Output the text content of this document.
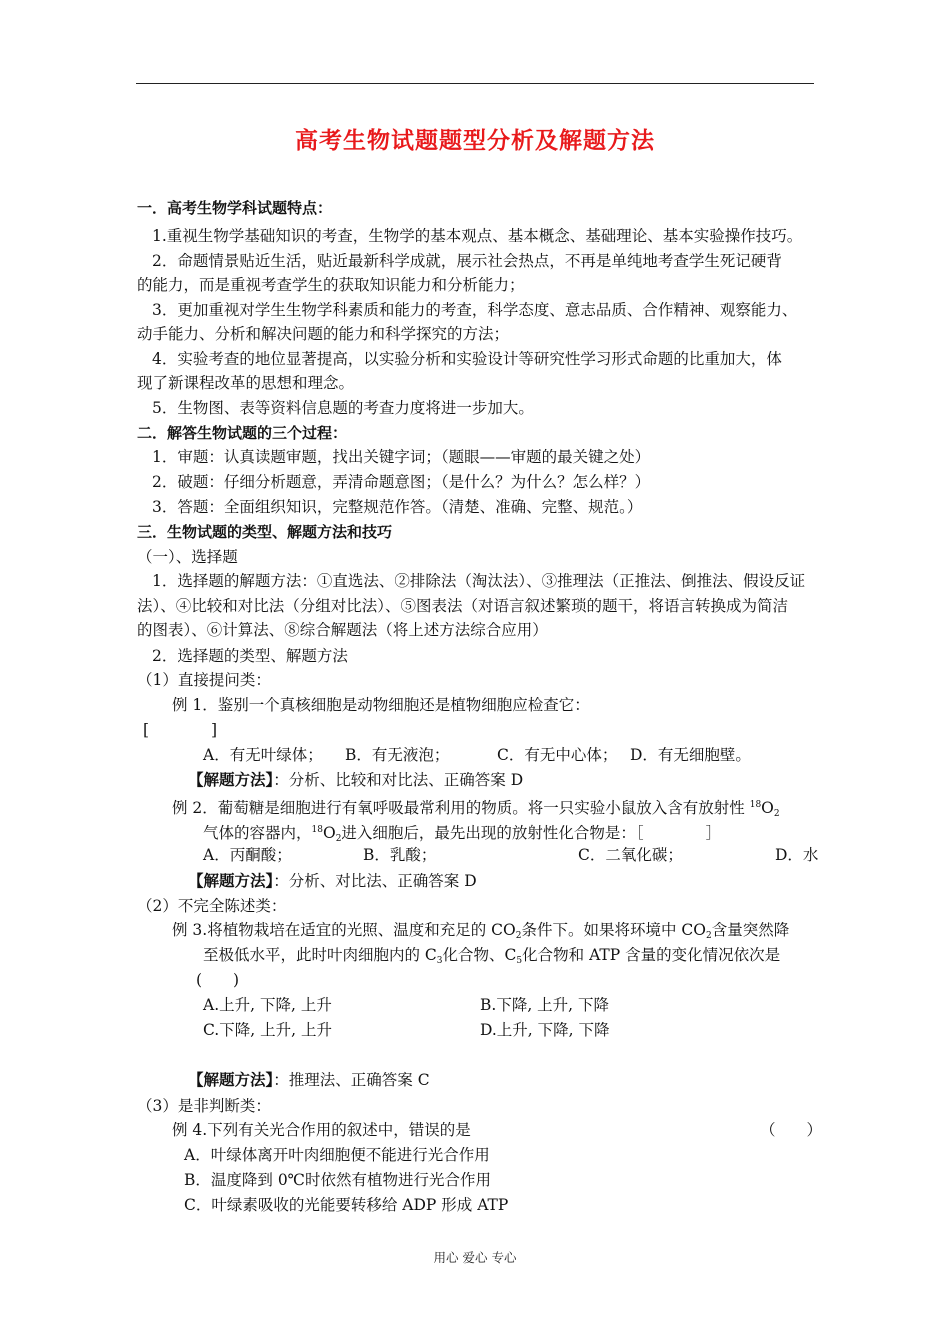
高考生物试题题型分析及解题方法
一．高考生物学科试题特点：
1.重视生物学基础知识的考查，生物学的基本观点、基本概念、基础理论、基本实验操作技巧。
2．命题情景贴近生活，贴近最新科学成就，展示社会热点，不再是单纯地考查学生死记硬背
的能力，而是重视考查学生的获取知识能力和分析能力；
3．更加重视对学生生物学科素质和能力的考查，科学态度、意志品质、合作精神、观察能力、
动手能力、分析和解决问题的能力和科学探究的方法；
4．实验考查的地位显著提高，以实验分析和实验设计等研究性学习形式命题的比重加大，体
现了新课程改革的思想和理念。
5．生物图、表等资料信息题的考查力度将进一步加大。
二．解答生物试题的三个过程：
1．审题：认真读题审题，找出关键字词；（题眼——审题的最关键之处）
2．破题：仔细分析题意，弄清命题意图；（是什么？为什么？怎么样？）
3．答题：全面组织知识，完整规范作答。（清楚、准确、完整、规范。）
三．生物试题的类型、解题方法和技巧
（一）、选择题
1．选择题的解题方法：①直选法、②排除法（淘汰法）、③推理法（正推法、倒推法、假设反证
法）、④比较和对比法（分组对比法）、⑤图表法（对语言叙述繁琐的题干，将语言转换成为简洁
的图表）、⑥计算法、⑧综合解题法（将上述方法综合应用）
2．选择题的类型、解题方法
（1）直接提问类：
例 1．鉴别一个真核细胞是动物细胞还是植物细胞应检查它：
[　　　　]
A．有无叶绿体； B．有无液泡；	C．有无中心体； D．有无细胞壁。
【解题方法】：分析、比较和对比法、正确答案 D
例 2．葡萄糖是细胞进行有氧呼吸最常利用的物质。将一只实验小鼠放入含有放射性 $^{18}O_2$
气体的容器内，$^{18}O_2$进入细胞后，最先出现的放射性化合物是：［　　　　］
A．丙酮酸；	B．乳酸；	C．二氧化碳；	D．水
【解题方法】：分析、对比法、正确答案 D
（2）不完全陈述类：
例 3.将植物栽培在适宜的光照、温度和充足的 $CO_2$条件下。如果将环境中 $CO_2$含量突然降
至极低水平，此时叶肉细胞内的 $C_3$化合物、$C_5$化合物和 ATP 含量的变化情况依次是
(　　)
A.上升, 下降, 上升	B.下降, 上升, 下降
C.下降, 上升, 上升	D.上升, 下降, 下降
【解题方法】：推理法、正确答案 C
（3）是非判断类：
例 4.下列有关光合作用的叙述中，错误的是	（　　）
A．叶绿体离开叶肉细胞便不能进行光合作用
B．温度降到 0℃时依然有植物进行光合作用
C．叶绿素吸收的光能要转移给 ADP 形成 ATP
用心 爱心 专心
